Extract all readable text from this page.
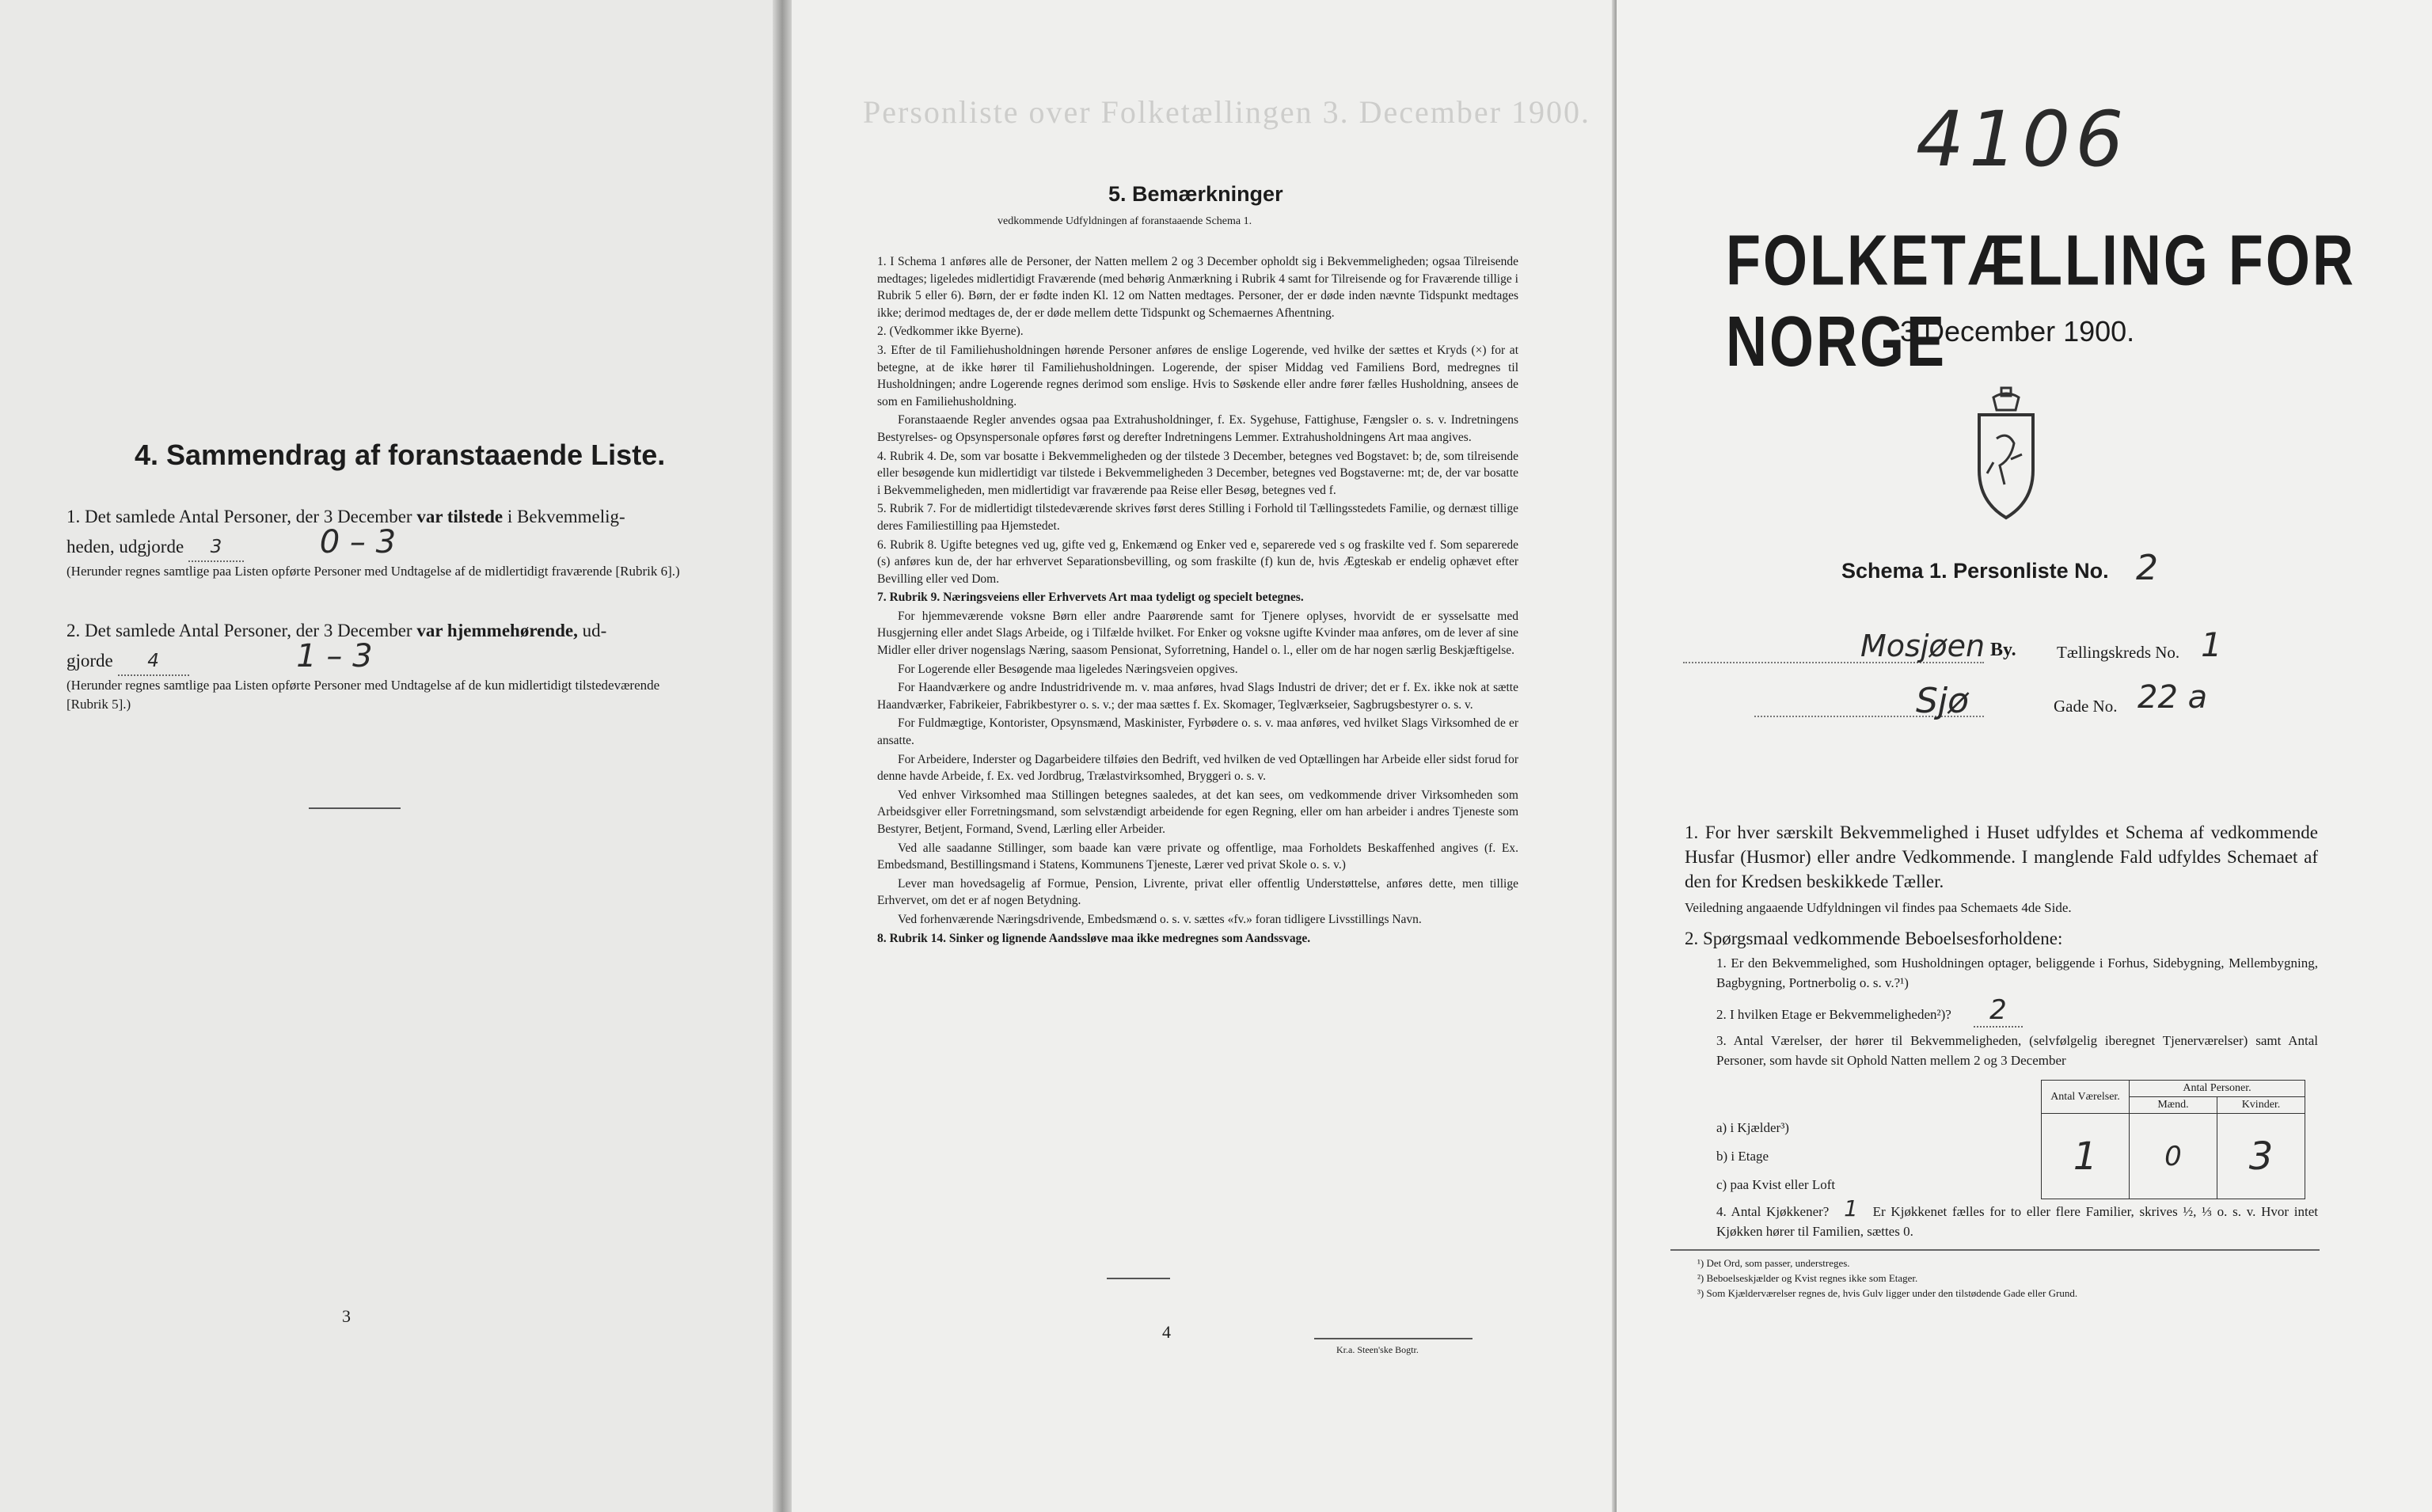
Personliste over Folketællingen 3. December 1900.
4. Sammendrag af foranstaaende Liste.
1. Det samlede Antal Personer, der 3 December var tilstede i Bekvemmelig-
heden, udgjorde 3	0 – 3
(Herunder regnes samtlige paa Listen opførte Personer med Undtagelse af de midlertidigt fraværende [Rubrik 6].)
2. Det samlede Antal Personer, der 3 December var hjemmehørende, ud-
gjorde 4	1 – 3
(Herunder regnes samtlige paa Listen opførte Personer med Undtagelse af de kun midlertidigt tilstedeværende [Rubrik 5].)
3
5. Bemærkninger
vedkommende Udfyldningen af foranstaaende Schema 1.

1. I Schema 1 anføres alle de Personer, der Natten mellem 2 og 3 December opholdt sig i Bekvemmeligheden; ogsaa Tilreisende medtages; ligeledes midlertidigt Fraværende (med behørig Anmærkning i Rubrik 4 samt for Tilreisende og for Fraværende tillige i Rubrik 5 eller 6). Børn, der er fødte inden Kl. 12 om Natten medtages. Personer, der er døde inden nævnte Tidspunkt medtages ikke; derimod medtages de, der er døde mellem dette Tidspunkt og Schemaernes Afhentning.

2. (Vedkommer ikke Byerne).

3. Efter de til Familiehusholdningen hørende Personer anføres de enslige Logerende, ved hvilke der sættes et Kryds (×) for at betegne, at de ikke hører til Familiehusholdningen. Logerende, der spiser Middag ved Familiens Bord, medregnes til Husholdningen; andre Logerende regnes derimod som enslige. Hvis to Søskende eller andre fører fælles Husholdning, ansees de som en Familiehusholdning.

Foranstaaende Regler anvendes ogsaa paa Extrahusholdninger, f. Ex. Sygehuse, Fattighuse, Fængsler o. s. v. Indretningens Bestyrelses- og Opsynspersonale opføres først og derefter Indretningens Lemmer. Extrahusholdningens Art maa angives.

4. Rubrik 4. De, som var bosatte i Bekvemmeligheden og der tilstede 3 December, betegnes ved Bogstavet: b; de, som tilreisende eller besøgende kun midlertidigt var tilstede i Bekvemmeligheden 3 December, betegnes ved Bogstaverne: mt; de, der var bosatte i Bekvemmeligheden, men midlertidigt var fraværende paa Reise eller Besøg, betegnes ved f.

5. Rubrik 7. For de midlertidigt tilstedeværende skrives først deres Stilling i Forhold til Tællingsstedets Familie, og dernæst tillige deres Familiestilling paa Hjemstedet.

6. Rubrik 8. Ugifte betegnes ved ug, gifte ved g, Enkemænd og Enker ved e, separerede ved s og fraskilte ved f. Som separerede (s) anføres kun de, der har erhvervet Separationsbevilling, og som fraskilte (f) kun de, hvis Ægteskab er endelig ophævet efter Bevilling eller ved Dom.

7. Rubrik 9. Næringsveiens eller Erhvervets Art maa tydeligt og specielt betegnes.

For hjemmeværende voksne Børn eller andre Paarørende samt for Tjenere oplyses, hvorvidt de er sysselsatte med Husgjerning eller andet Slags Arbeide, og i Tilfælde hvilket. For Enker og voksne ugifte Kvinder maa anføres, om de lever af sine Midler eller driver nogenslags Næring, saasom Pensionat, Syforretning, Handel o. l., eller om de har nogen særlig Beskjæftigelse.

For Logerende eller Besøgende maa ligeledes Næringsveien opgives.

For Haandværkere og andre Industridrivende m. v. maa anføres, hvad Slags Industri de driver; det er f. Ex. ikke nok at sætte Haandværker, Fabrikeier, Fabrikbestyrer o. s. v.; der maa sættes f. Ex. Skomager, Teglværkseier, Sagbrugsbestyrer o. s. v.

For Fuldmægtige, Kontorister, Opsynsmænd, Maskinister, Fyrbødere o. s. v. maa anføres, ved hvilket Slags Virksomhed de er ansatte.

For Arbeidere, Inderster og Dagarbeidere tilføies den Bedrift, ved hvilken de ved Optællingen har Arbeide eller sidst forud for denne havde Arbeide, f. Ex. ved Jordbrug, Trælastvirksomhed, Bryggeri o. s. v.

Ved enhver Virksomhed maa Stillingen betegnes saaledes, at det kan sees, om vedkommende driver Virksomheden som Arbeidsgiver eller Forretningsmand, som selvstændigt arbeidende for egen Regning, eller om han arbeider i andres Tjeneste som Bestyrer, Betjent, Formand, Svend, Lærling eller Arbeider.

Ved alle saadanne Stillinger, som baade kan være private og offentlige, maa Forholdets Beskaffenhed angives (f. Ex. Embedsmand, Bestillingsmand i Statens, Kommunens Tjeneste, Lærer ved privat Skole o. s. v.)

Lever man hovedsagelig af Formue, Pension, Livrente, privat eller offentlig Understøttelse, anføres dette, men tillige Erhvervet, om det er af nogen Betydning.

Ved forhenværende Næringsdrivende, Embedsmænd o. s. v. sættes «fv.» foran tidligere Livsstillings Navn.

8. Rubrik 14. Sinker og lignende Aandssløve maa ikke medregnes som Aandssvage.

4
Kr.a. Steen'ske Bogtr.
4106
FOLKETÆLLING FOR NORGE
3 December 1900.
Schema 1. Personliste No. 2
Mosjøen By. Tællingskreds No. 1
Sjø	Gade No. 22 a
1. For hver særskilt Bekvemmelighed i Huset udfyldes et Schema af vedkommende Husfar (Husmor) eller andre Vedkommende. I manglende Fald udfyldes Schemaet af den for Kredsen beskikkede Tæller.
Veiledning angaaende Udfyldningen vil findes paa Schemaets 4de Side.
2. Spørgsmaal vedkommende Beboelsesforholdene:
1. Er den Bekvemmelighed, som Husholdningen optager, beliggende i Forhus, Sidebygning, Mellembygning, Bagbygning, Portnerbolig o. s. v.?¹)
2. I hvilken Etage er Bekvemmeligheden²)? 2
3. Antal Værelser, der hører til Bekvemmeligheden, (selvfølgelig iberegnet Tjenerværelser) samt Antal Personer, som havde sit Ophold Natten mellem 2 og 3 December
	Antal Værelser.	Antal Personer.	
		Mænd.	Kvinder.
a) i Kjælder³)	1	0	3
b) i Etage			
c) paa Kvist eller Loft			
4. Antal Kjøkkener? 1 Er Kjøkkenet fælles for to eller flere Familier, skrives ½, ⅓ o. s. v. Hvor intet Kjøkken hører til Familien, sættes 0.
¹) Det Ord, som passer, understreges.
²) Beboelseskjælder og Kvist regnes ikke som Etager.
³) Som Kjælderværelser regnes de, hvis Gulv ligger under den tilstødende Gade eller Grund.
